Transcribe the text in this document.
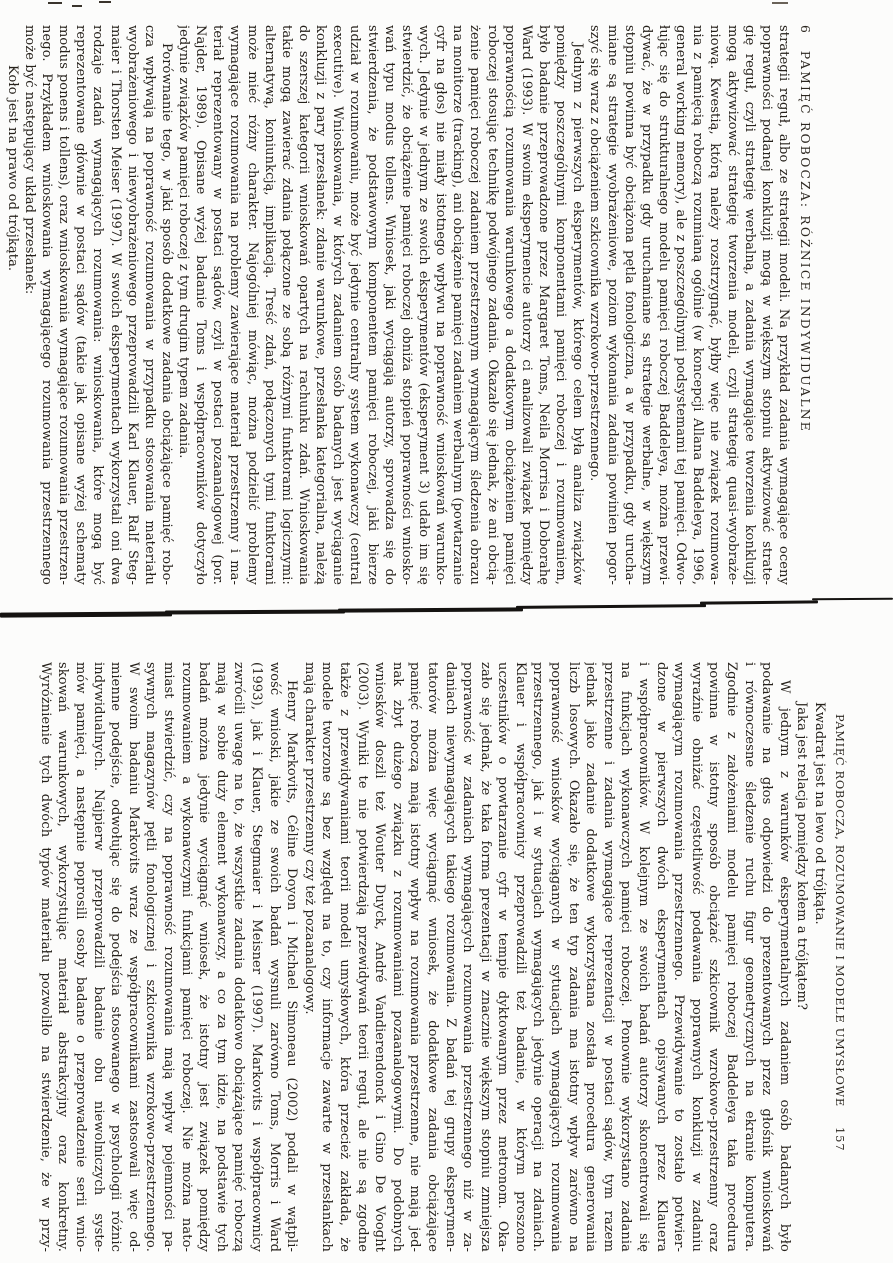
6PAMIĘĆ ROBOCZA: RÓŻNICE INDYWIDUALNE
strategii reguł, albo ze strategii modeli. Na przykład zadania wymagające oceny
poprawności podanej konkluzji mogą w większym stopniu aktywizować strate-
gię reguł, czyli strategię werbalną, a zadania wymagające tworzenia konkluzji
mogą aktywizować strategię tworzenia modeli, czyli strategię quasi-wyobraże-
niową. Kwestią, którą należy rozstrzygnąć, byłby więc nie związek rozumowa-
nia z pamięcią roboczą rozumianą ogólnie (w koncepcji Allana Baddeleya, 1996,
general working memory), ale z poszczególnymi podsystemami tej pamięci. Odwo-
łując się do strukturalnego modelu pamięci roboczej Baddeleya, można przewi-
dywać, że w przypadku gdy uruchamiane są strategie werbalne, w większym
stopniu powinna być obciążona pętla fonologiczna, a w przypadku, gdy urucha-
miane są strategie wyobrażeniowe, poziom wykonania zadania powinien pogor-
szyć się wraz z obciążeniem szkicownika wzrokowo-przestrzennego.
Jednym z pierwszych eksperymentów, którego celem była analiza związków
pomiędzy poszczególnymi komponentami pamięci roboczej i rozumowaniem,
było badanie przeprowadzone przez Margaret Toms, Neila Morrisa i Doborahę
Ward (1993). W swoim eksperymencie autorzy ci analizowali związek pomiędzy
poprawnością rozumowania warunkowego a dodatkowym obciążeniem pamięci
roboczej stosując technikę podwójnego zadania. Okazało się jednak, że ani obcią-
żenie pamięci roboczej zadaniem przestrzennym wymagającym śledzenia obrazu
na monitorze (tracking), ani obciążenie pamięci zadaniem werbalnym (powtarzanie
cyfr na głos) nie miały istotnego wpływu na poprawność wnioskowań warunko-
wych. Jedynie w jednym ze swoich eksperymentów (eksperyment 3) udało im się
stwierdzić, że obciążenie pamięci roboczej obniża stopień poprawności wniosko-
wań typu modus tollens. Wniosek, jaki wyciągają autorzy, sprowadza się do
stwierdzenia, że podstawowym komponentem pamięci roboczej, jaki bierze
udział w rozumowaniu, może być jedynie centralny system wykonawczy (central
executive). Wnioskowania, w których zadaniem osób badanych jest wyciąganie
konkluzji z pary przesłanek: zdanie warunkowe, przesłanka kategorialna, należą
do szerszej kategorii wnioskowań opartych na rachunku zdań. Wnioskowania
takie mogą zawierać zdania połączone ze sobą różnymi funktorami logicznymi:
alternatywą, koniunkcją, implikacją. Treść zdań, połączonych tymi funktorami
może mieć różny charakter. Najogólniej mówiąc, można podzielić problemy
wymagające rozumowania na problemy zawierające materiał przestrzenny i ma-
teriał reprezentowany w postaci sądów, czyli w postaci pozaanalogowej (por.
Najder, 1989). Opisane wyżej badanie Toms i współpracowników dotyczyło
jedynie związków pamięci roboczej z tym drugim typem zadania.
Porównanie tego, w jaki sposób dodatkowe zadania obciążające pamięć robo-
cza wpływają na poprawność rozumowania w przypadku stosowania materiału
wyobrażeniowego i niewyobrażeniowego przeprowadzili Karl Klauer, Ralf Steg-
maier i Thorsten Meiser (1997). W swoich eksperymentach wykorzystali oni dwa
rodzaje zadań wymagających rozumowania: wnioskowania, które mogą być
reprezentowane głównie w postaci sądów (takie jak opisane wyżej schematy
modus ponens i tollens), oraz wnioskowania wymagające rozumowania przestrzen-
nego. Przykładem wnioskowania wymagającego rozumowania przestrzennego
może być następujący układ przesłanek:
Koło jest na prawo od trójkąta.
PAMIĘĆ ROBOCZA, ROZUMOWANIE I MODELE UMYSŁOWE157
Kwadrat jest na lewo od trójkąta.
Jaka jest relacja pomiędzy kołem a trójkątem?
W jednym z warunków eksperymentalnych zadaniem osób badanych było
podawanie na głos odpowiedzi do prezentowanych przez głośnik wnioskowań
i równoczesne śledzenie ruchu figur geometrycznych na ekranie komputera.
Zgodnie z założeniami modelu pamięci roboczej Baddeleya taka procedura
powinna w istotny sposób obciążać szkicownik wzrokowo-przestrzenny oraz
wyraźnie obniżać częstotliwość podawania poprawnych konkluzji w zadaniu
wymagającym rozumowania przestrzennego. Przewidywanie to zostało potwier-
dzone w pierwszych dwóch eksperymentach opisywanych przez Klauera
i współpracowników. W kolejnym ze swoich badań autorzy skoncentrowali się
na funkcjach wykonawczych pamięci roboczej. Ponownie wykorzystano zadania
przestrzenne i zadania wymagające reprezentacji w postaci sądów, tym razem
jednak jako zadanie dodatkowe wykorzystana została procedura generowania
liczb losowych. Okazało się, że ten typ zadania ma istotny wpływ zarówno na
poprawność wniosków wyciąganych w sytuacjach wymagających rozumowania
przestrzennego, jak i w sytuacjach wymagających jedynie operacji na zdaniach.
Klauer i współpracownicy przeprowadzili też badanie, w którym proszono
uczestników o powtarzanie cyfr w tempie dyktowanym przez metronom. Oka-
zało się jednak, że taka forma prezentacji w znacznie większym stopniu zmniejsza
poprawność w zadaniach wymagających rozumowania przestrzennego niż w za-
daniach niewymagających takiego rozumowania. Z badań tej grupy eksperymen-
tatorów można więc wyciągnąć wniosek, że dodatkowe zadania obciążające
pamięć roboczą mają istotny wpływ na rozumowania przestrzenne, nie mają jed-
nak zbyt dużego związku z rozumowaniami pozaanalogowymi. Do podobnych
wniosków doszli też Wouter Duyck, André Vandierendonck i Gino De Vooght
(2003). Wyniki te nie potwierdzają przewidywań teorii reguł, ale nie są zgodne
także z przewidywaniami teorii modeli umysłowych, która przecież zakłada, że
modele tworzone są bez względu na to, czy informacje zawarte w przesłankach
mają charakter przestrzenny czy też pozaanalogowy.
Henry Markovits, Céline Doyon i Michael Simoneau (2002) podali w wątpli-
wość wnioski, jakie ze swoich badań wysnuli zarówno Toms, Morris i Ward
(1993), jak i Klauer, Stegmaier i Meisner (1997). Markovits i współpracownicy
zwrócili uwagę na to, że wszystkie zadania dodatkowo obciążające pamięć roboczą
mają w sobie duży element wykonawczy, a co za tym idzie, na podstawie tych
badań można jedynie wyciągnąć wniosek, że istotny jest związek pomiędzy
rozumowaniem a wykonawczymi funkcjami pamięci roboczej. Nie można nato-
miast stwierdzić, czy na poprawność rozumowania mają wpływ pojemności pa-
sywnych magazynów pętli fonologicznej i szkicownika wzrokowo-przestrzennego.
W swoim badaniu Markovits wraz ze współpracownikami zastosowali więc od-
mienne podejście, odwołując się do podejścia stosowanego w psychologii różnic
indywidualnych. Najpierw przeprowadzili badanie obu niewolniczych syste-
mów pamięci, a następnie poprosili osoby badane o przeprowadzenie serii wnio-
skowań warunkowych, wykorzystując materiał abstrakcyjny oraz konkretny.
Wyróżnienie tych dwóch typów materiału pozwoliło na stwierdzenie, że w przy-
